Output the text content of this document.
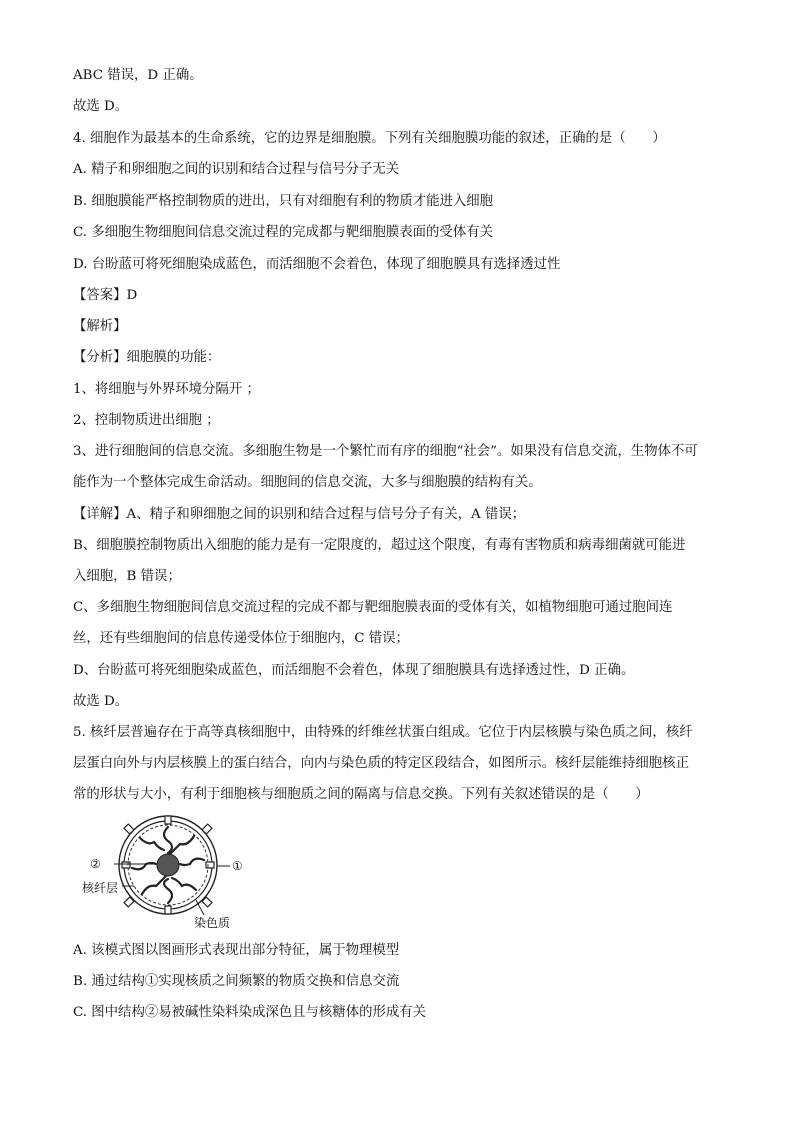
ABC 错误，D 正确。
故选 D。
4. 细胞作为最基本的生命系统，它的边界是细胞膜。下列有关细胞膜功能的叙述，正确的是（　　）
A. 精子和卵细胞之间的识别和结合过程与信号分子无关
B. 细胞膜能严格控制物质的进出，只有对细胞有利的物质才能进入细胞
C. 多细胞生物细胞间信息交流过程的完成都与靶细胞膜表面的受体有关
D. 台盼蓝可将死细胞染成蓝色，而活细胞不会着色，体现了细胞膜具有选择透过性
【答案】D
【解析】
【分析】细胞膜的功能：
1、将细胞与外界环境分隔开 ；
2、控制物质进出细胞 ；
3、进行细胞间的信息交流。多细胞生物是一个繁忙而有序的细胞“社会”。如果没有信息交流，生物体不可
能作为一个整体完成生命活动。细胞间的信息交流，大多与细胞膜的结构有关。
【详解】A、精子和卵细胞之间的识别和结合过程与信号分子有关，A 错误；
B、细胞膜控制物质出入细胞的能力是有一定限度的，超过这个限度，有毒有害物质和病毒细菌就可能进
入细胞，B 错误；
C、多细胞生物细胞间信息交流过程的完成不都与靶细胞膜表面的受体有关，如植物细胞可通过胞间连
丝，还有些细胞间的信息传递受体位于细胞内，C 错误；
D、台盼蓝可将死细胞染成蓝色，而活细胞不会着色，体现了细胞膜具有选择透过性，D 正确。
故选 D。
5. 核纤层普遍存在于高等真核细胞中，由特殊的纤维丝状蛋白组成。它位于内层核膜与染色质之间，核纤
层蛋白向外与内层核膜上的蛋白结合，向内与染色质的特定区段结合，如图所示。核纤层能维持细胞核正
常的形状与大小，有利于细胞核与细胞质之间的隔离与信息交换。下列有关叙述错误的是（　　）
②	①
核纤层
染色质
A. 该模式图以图画形式表现出部分特征，属于物理模型
B. 通过结构①实现核质之间频繁的物质交换和信息交流
C. 图中结构②易被碱性染料染成深色且与核糖体的形成有关
